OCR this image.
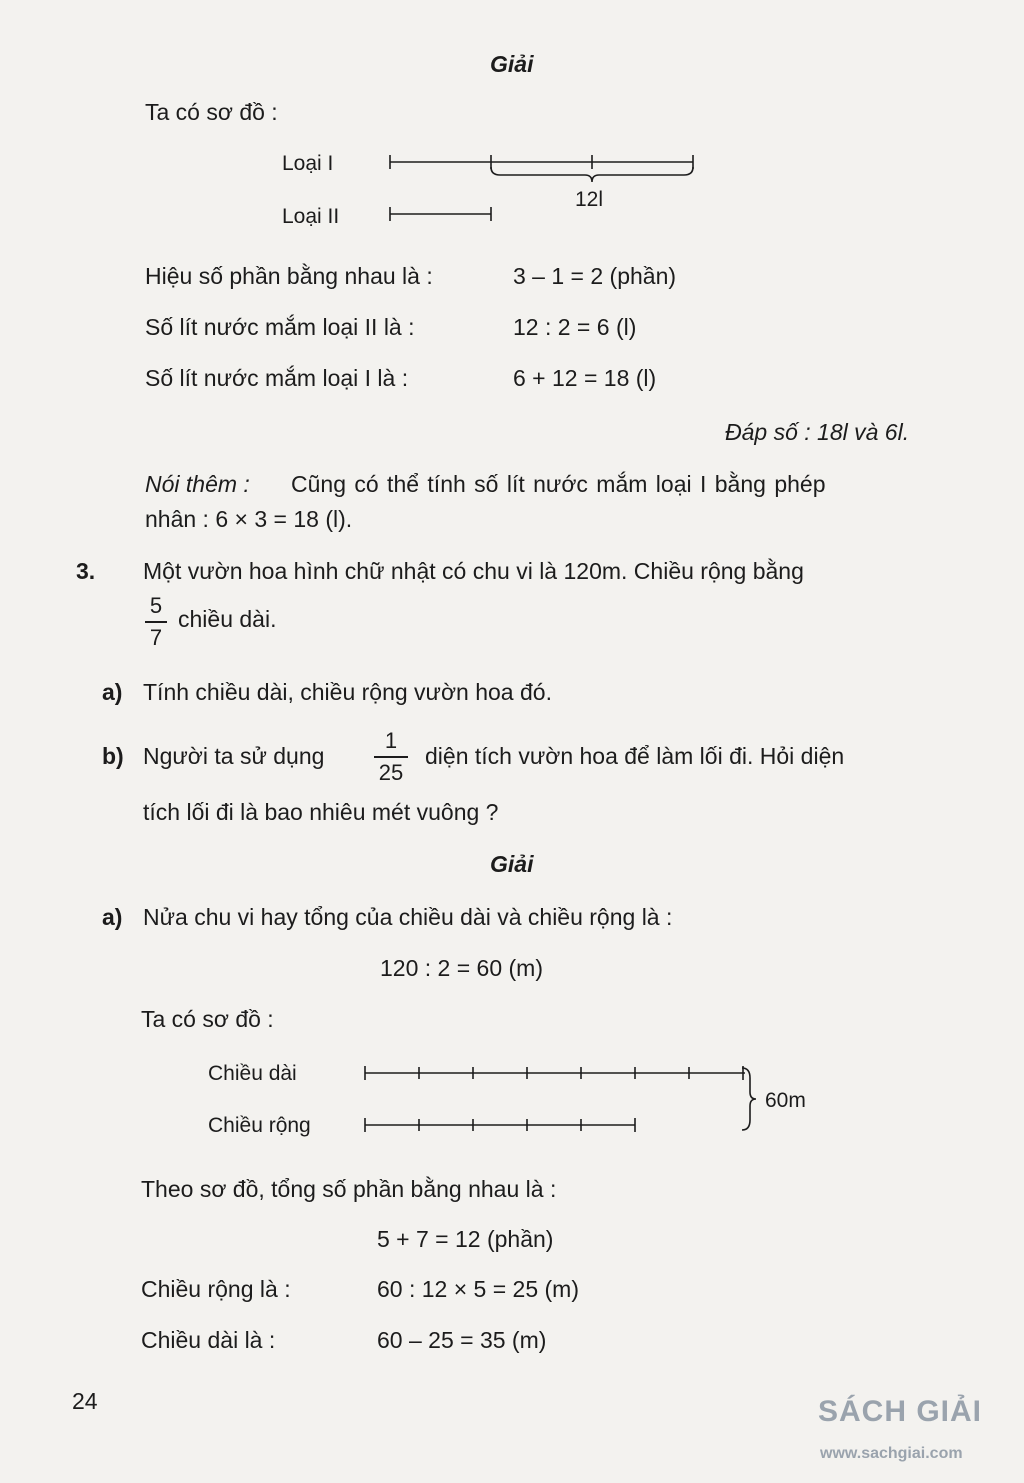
Giải
Ta có sơ đồ :
Loại I
Loại II
12l
Hiệu số phần bằng nhau là :	3 – 1 = 2 (phần)
Số lít nước mắm loại II là :	12 : 2 = 6 (l)
Số lít nước mắm loại I là :	6 + 12 = 18 (l)
Đáp số : 18l và 6l.
Nói thêm : Cũng có thể tính số lít nước mắm loại I bằng phép
nhân : 6 × 3 = 18 (l).
3. Một vườn hoa hình chữ nhật có chu vi là 120m. Chiều rộng bằng
5
7
chiều dài.
a) Tính chiều dài, chiều rộng vườn hoa đó.
b) Người ta sử dụng
1
25
diện tích vườn hoa để làm lối đi. Hỏi diện
tích lối đi là bao nhiêu mét vuông ?
Giải
a) Nửa chu vi hay tổng của chiều dài và chiều rộng là :
120 : 2 = 60 (m)
Ta có sơ đồ :
Chiều dài
Chiều rộng
60m
Theo sơ đồ, tổng số phần bằng nhau là :
5 + 7 = 12 (phần)
Chiều rộng là :	60 : 12 × 5 = 25 (m)
Chiều dài là :	60 – 25 = 35 (m)
24	SÁCH GIẢI
www.sachgiai.com
